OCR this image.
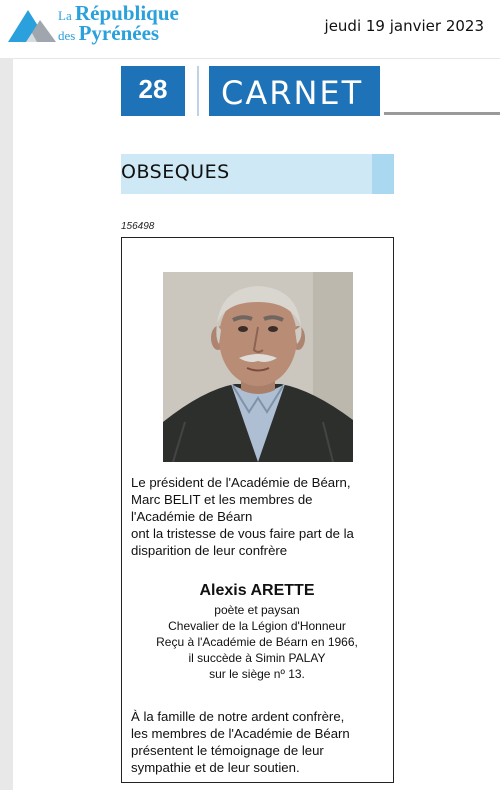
La République
des Pyrénées	jeudi 19 janvier 2023
28	CARNET
OBSEQUES
156498
Le président de l'Académie de Béarn,
Marc BELIT et les membres de
l'Académie de Béarn
ont la tristesse de vous faire part de la
disparition de leur confrère
Alexis ARETTE
poète et paysan
Chevalier de la Légion d'Honneur
Reçu à l'Académie de Béarn en 1966,
il succède à Simin PALAY
sur le siège nº 13.
À la famille de notre ardent confrère,
les membres de l'Académie de Béarn
présentent le témoignage de leur
sympathie et de leur soutien.
